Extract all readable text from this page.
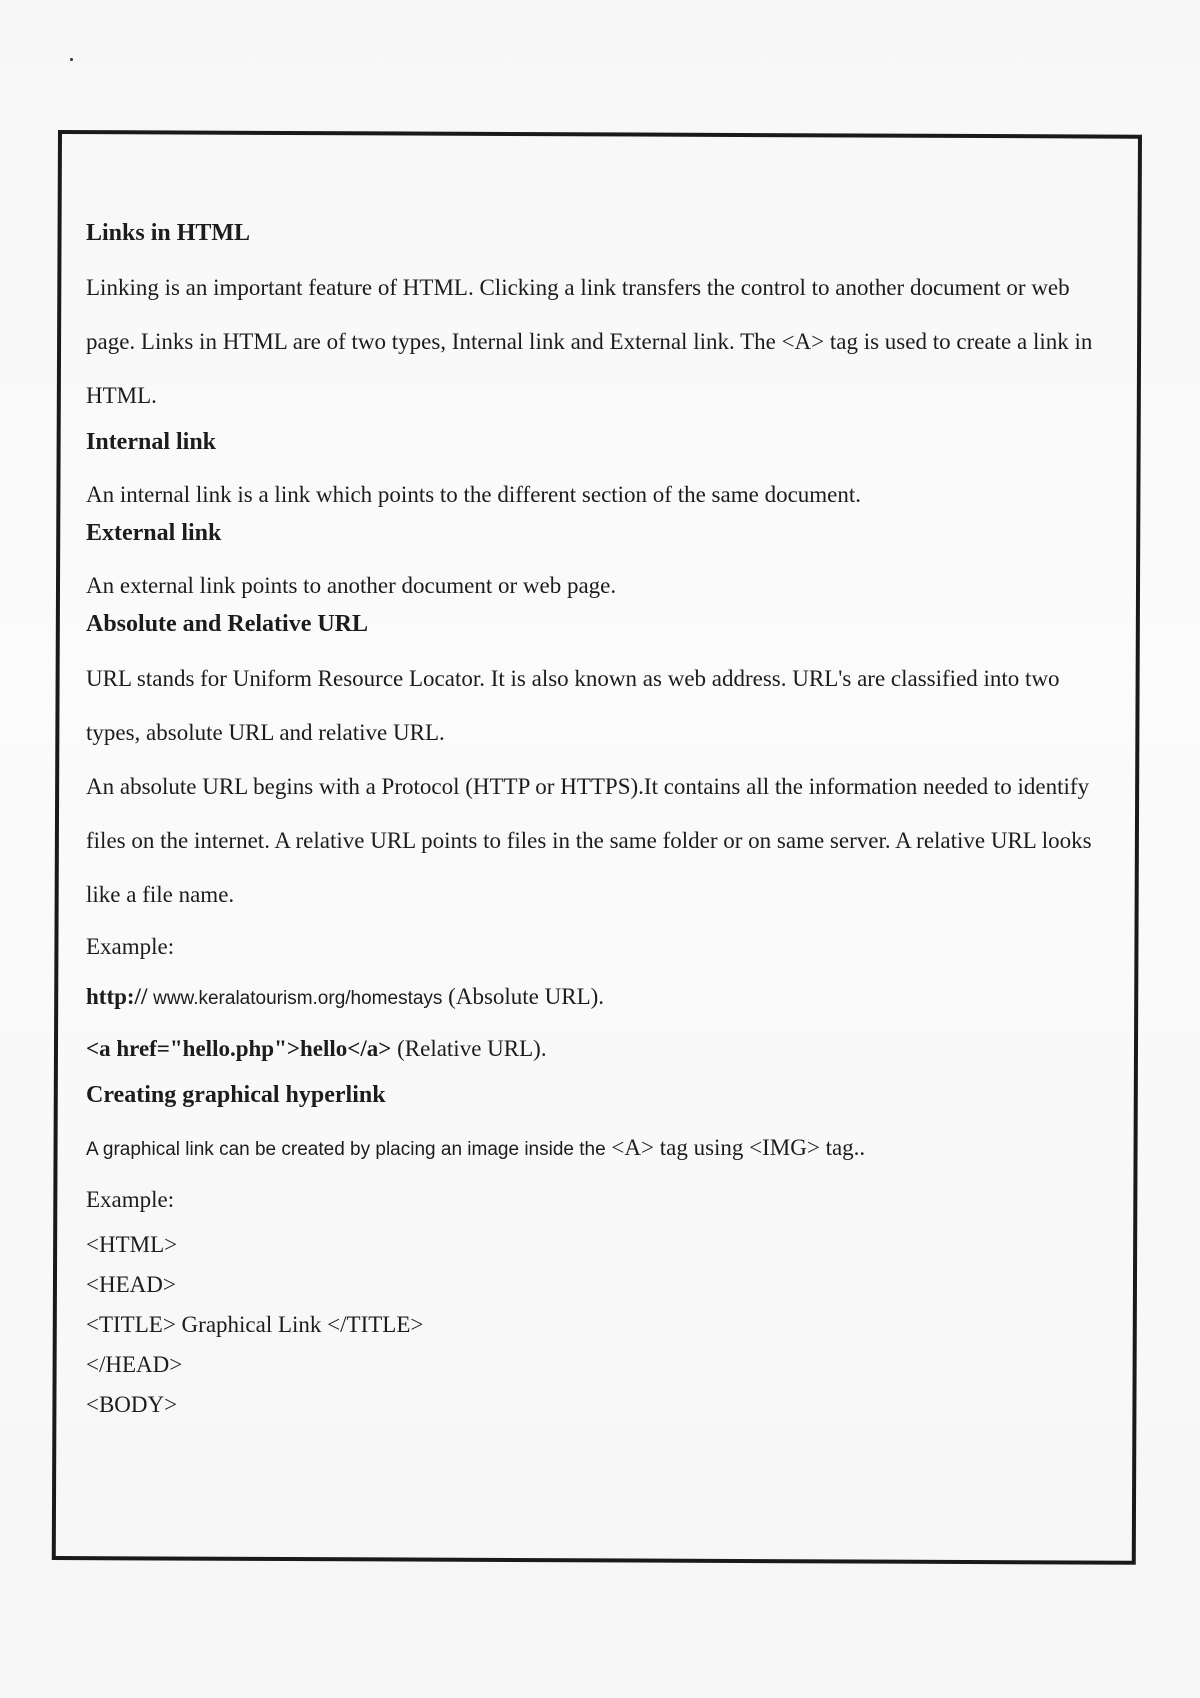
Links in HTML

Linking is an important feature of HTML. Clicking a link transfers the control to another document or web page. Links in HTML are of two types, Internal link and External link. The <A> tag is used to create a link in HTML.

Internal link

An internal link is a link which points to the different section of the same document.

External link

An external link points to another document or web page.

Absolute and Relative URL

URL stands for Uniform Resource Locator. It is also known as web address. URL's are classified into two types, absolute URL and relative URL.

An absolute URL begins with a Protocol (HTTP or HTTPS).It contains all the information needed to identify files on the internet. A relative URL points to files in the same folder or on same server. A relative URL looks like a file name.

Example:

http:// www.keralatourism.org/homestays (Absolute URL).

<a href="hello.php">hello</a> (Relative URL).

Creating graphical hyperlink

A graphical link can be created by placing an image inside the <A> tag using <IMG> tag..

Example:

<HTML>

<HEAD>

<TITLE> Graphical Link </TITLE>

</HEAD>

<BODY>
